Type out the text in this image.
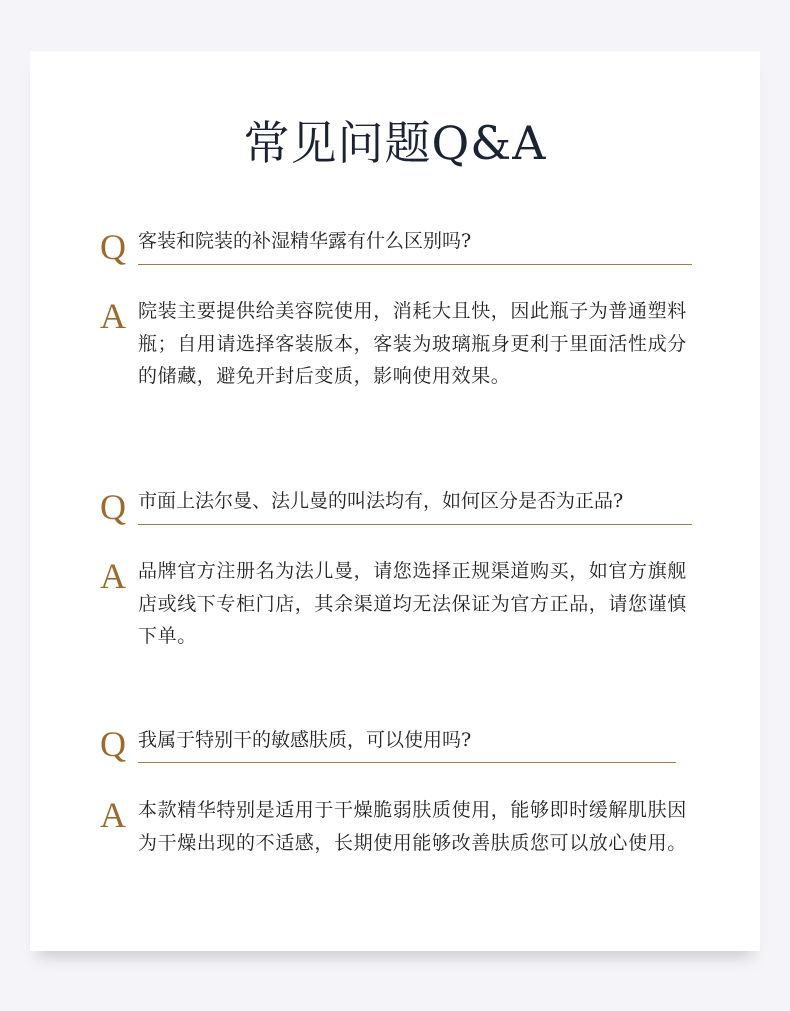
常见问题Q&A
Q 客装和院装的补湿精华露有什么区别吗?
A 院装主要提供给美容院使用，消耗大且快，因此瓶子为普通塑料瓶；自用请选择客装版本，客装为玻璃瓶身更利于里面活性成分的储藏，避免开封后变质，影响使用效果。

Q 市面上法尔曼、法儿曼的叫法均有，如何区分是否为正品?
A 品牌官方注册名为法儿曼，请您选择正规渠道购买，如官方旗舰店或线下专柜门店，其余渠道均无法保证为官方正品，请您谨慎下单。

Q 我属于特别干的敏感肤质，可以使用吗?
A 本款精华特别是适用于干燥脆弱肤质使用，能够即时缓解肌肤因为干燥出现的不适感，长期使用能够改善肤质您可以放心使用。
